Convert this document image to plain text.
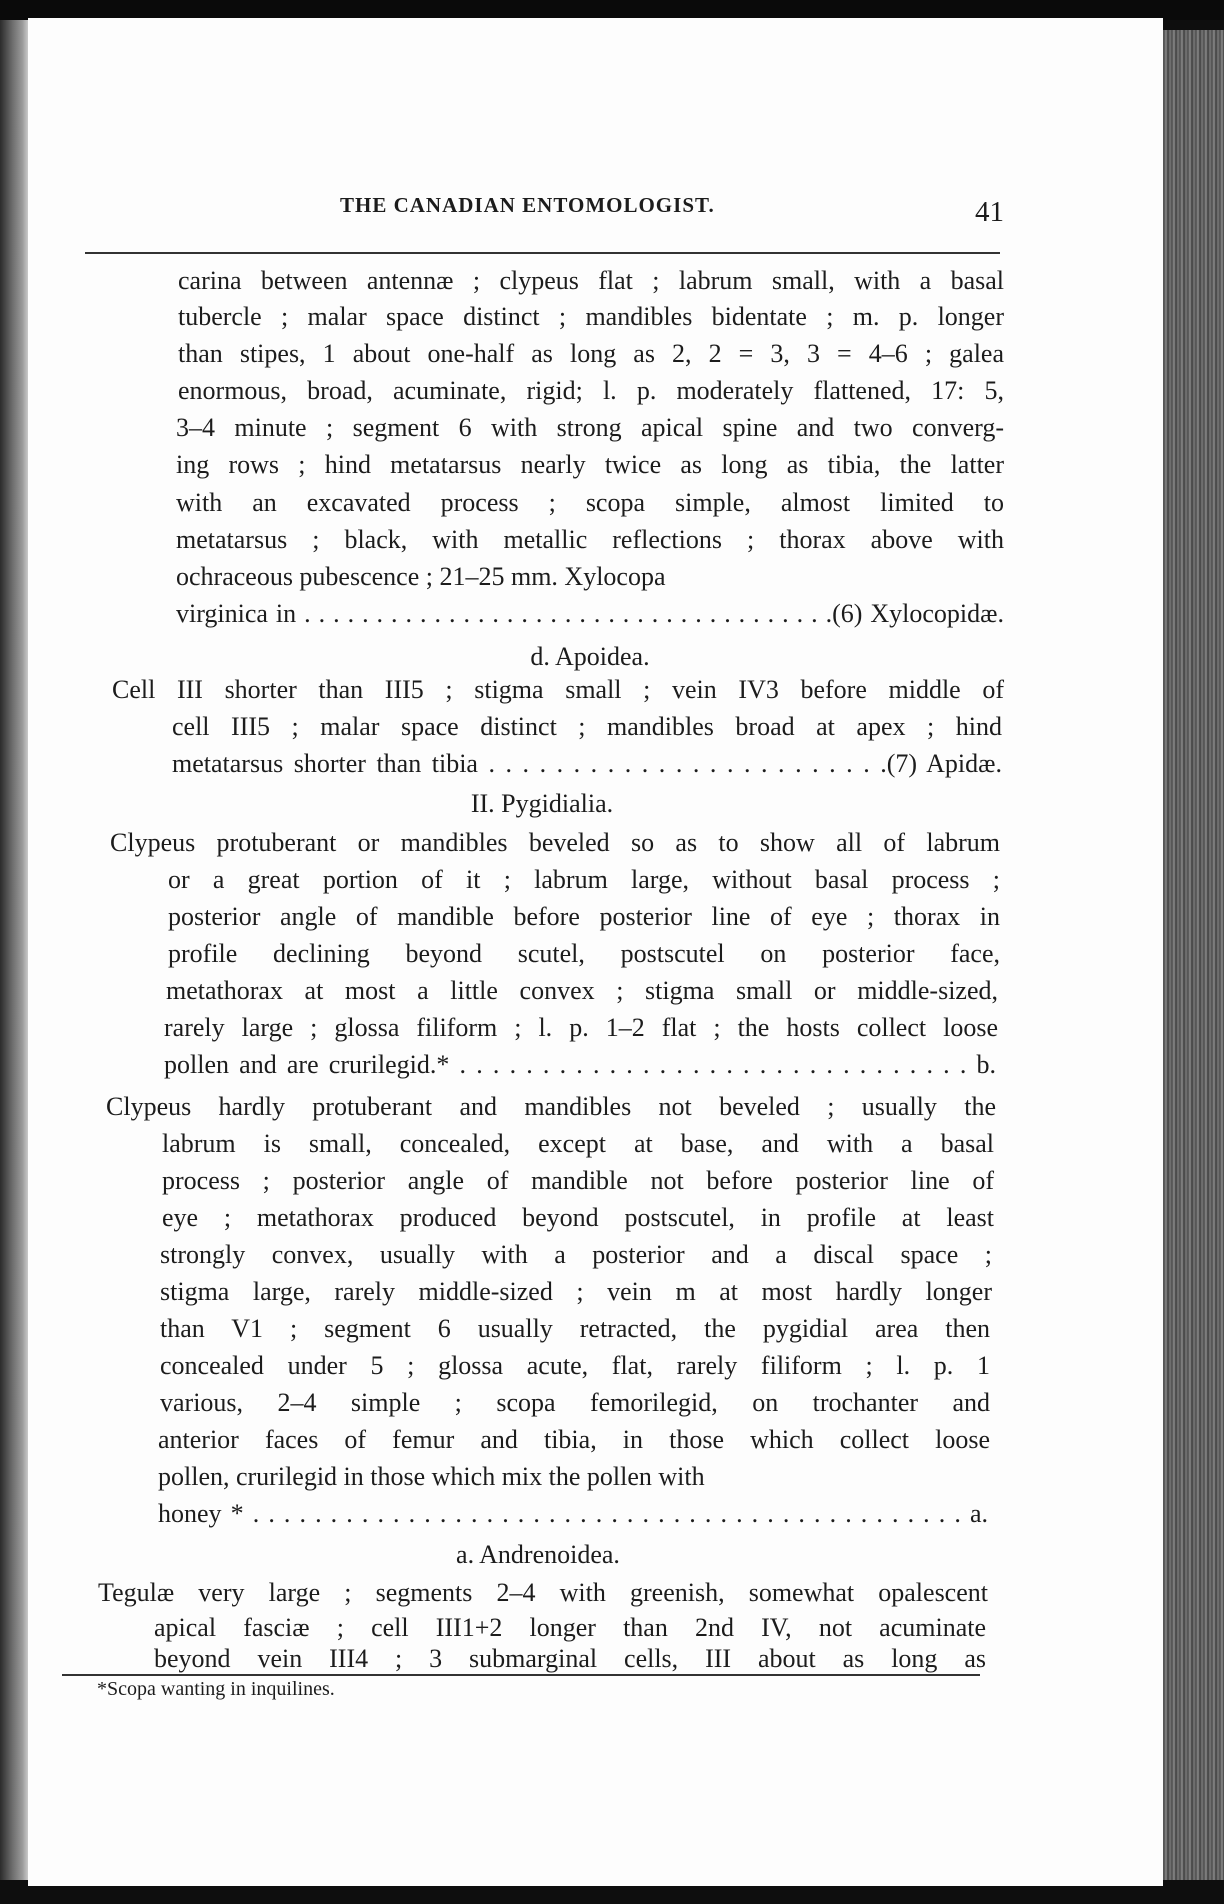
THE CANADIAN ENTOMOLOGIST.	41
carina between antennæ ; clypeus flat ; labrum small, with a basal
tubercle ; malar space distinct ; mandibles bidentate ; m. p. longer
than stipes, 1 about one-half as long as 2, 2 = 3, 3 = 4–6 ; galea
enormous, broad, acuminate, rigid; l. p. moderately flattened, 17: 5,
3–4 minute ; segment 6 with strong apical spine and two converg-
ing rows ; hind metatarsus nearly twice as long as tibia, the latter
with an excavated process ; scopa simple, almost limited to
metatarsus ; black, with metallic reflections ; thorax above with
ochraceous pubescence ; 21–25 mm. Xylocopa
virginica in . . . . . . . . . . . . . . . . . . . . . . . . . . . . . . . . . . . . .(6) Xylocopidæ.
d. Apoidea.
Cell III shorter than III5 ; stigma small ; vein IV3 before middle of
cell III5 ; malar space distinct ; mandibles broad at apex ; hind
metatarsus shorter than tibia . . . . . . . . . . . . . . . . . . . . . . . .(7) Apidæ.
II. Pygidialia.
Clypeus protuberant or mandibles beveled so as to show all of labrum
or a great portion of it ; labrum large, without basal process ;
posterior angle of mandible before posterior line of eye ; thorax in
profile declining beyond scutel, postscutel on posterior face,
metathorax at most a little convex ; stigma small or middle-sized,
rarely large ; glossa filiform ; l. p. 1–2 flat ; the hosts collect loose
pollen and are crurilegid.* . . . . . . . . . . . . . . . . . . . . . . . . . . . . . . . b.
Clypeus hardly protuberant and mandibles not beveled ; usually the
labrum is small, concealed, except at base, and with a basal
process ; posterior angle of mandible not before posterior line of
eye ; metathorax produced beyond postscutel, in profile at least
strongly convex, usually with a posterior and a discal space ;
stigma large, rarely middle-sized ; vein m at most hardly longer
than V1 ; segment 6 usually retracted, the pygidial area then
concealed under 5 ; glossa acute, flat, rarely filiform ; l. p. 1
various, 2–4 simple ; scopa femorilegid, on trochanter and
anterior faces of femur and tibia, in those which collect loose
pollen, crurilegid in those which mix the pollen with
honey * . . . . . . . . . . . . . . . . . . . . . . . . . . . . . . . . . . . . . . . . . . . . . . a.
a. Andrenoidea.
Tegulæ very large ; segments 2–4 with greenish, somewhat opalescent
apical fasciæ ; cell III1+2 longer than 2nd IV, not acuminate
beyond vein III4 ; 3 submarginal cells, III about as long as
*Scopa wanting in inquilines.
